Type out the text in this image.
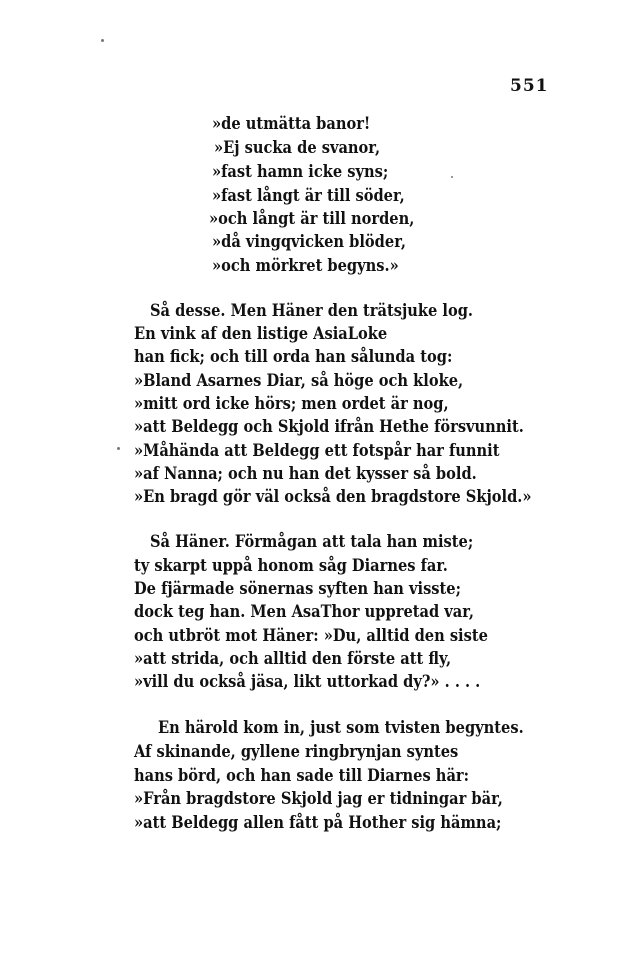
551
»de utmätta banor!
»Ej sucka de svanor,
»fast hamn icke syns;
»fast långt är till söder,
»och långt är till norden,
»då vingqvicken blöder,
»och mörkret begyns.»
Så desse. Men Häner den trätsjuke log.
En vink af den listige AsiaLoke
han fick; och till orda han sålunda tog:
»Bland Asarnes Diar, så höge och kloke,
»mitt ord icke hörs; men ordet är nog,
»att Beldegg och Skjold ifrån Hethe försvunnit.
»Måhända att Beldegg ett fotspår har funnit
»af Nanna; och nu han det kysser så bold.
»En bragd gör väl också den bragdstore Skjold.»
Så Häner. Förmågan att tala han miste;
ty skarpt uppå honom såg Diarnes far.
De fjärmade sönernas syften han visste;
dock teg han. Men AsaThor uppretad var,
och utbröt mot Häner: »Du, alltid den siste
»att strida, och alltid den förste att fly,
»vill du också jäsa, likt uttorkad dy?» . . . .
En härold kom in, just som tvisten begyntes.
Af skinande, gyllene ringbrynjan syntes
hans börd, och han sade till Diarnes här:
»Från bragdstore Skjold jag er tidningar bär,
»att Beldegg allen fått på Hother sig hämna;
